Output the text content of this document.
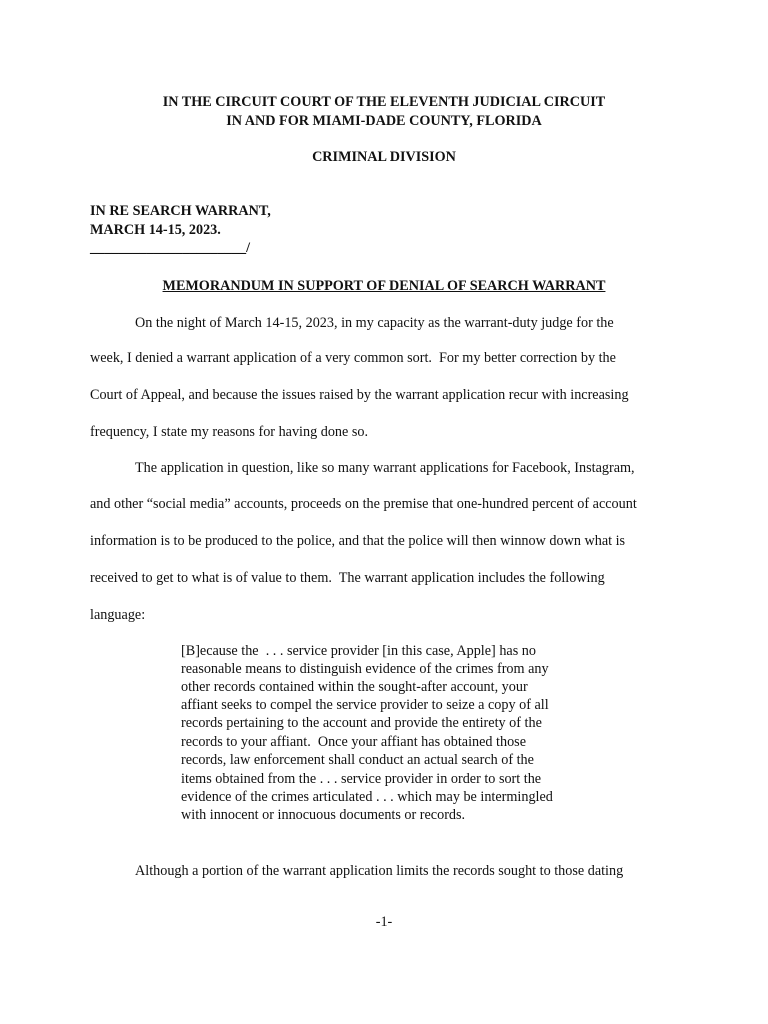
IN THE CIRCUIT COURT OF THE ELEVENTH JUDICIAL CIRCUIT
IN AND FOR MIAMI-DADE COUNTY, FLORIDA
CRIMINAL DIVISION
IN RE SEARCH WARRANT,
MARCH 14-15, 2023.
______________________/
MEMORANDUM IN SUPPORT OF DENIAL OF SEARCH WARRANT
On the night of March 14-15, 2023, in my capacity as the warrant-duty judge for the
week, I denied a warrant application of a very common sort.  For my better correction by the
Court of Appeal, and because the issues raised by the warrant application recur with increasing
frequency, I state my reasons for having done so.
The application in question, like so many warrant applications for Facebook, Instagram,
and other “social media” accounts, proceeds on the premise that one-hundred percent of account
information is to be produced to the police, and that the police will then winnow down what is
received to get to what is of value to them.  The warrant application includes the following
language:
[B]ecause the  . . . service provider [in this case, Apple] has no
reasonable means to distinguish evidence of the crimes from any
other records contained within the sought-after account, your
affiant seeks to compel the service provider to seize a copy of all
records pertaining to the account and provide the entirety of the
records to your affiant.  Once your affiant has obtained those
records, law enforcement shall conduct an actual search of the
items obtained from the . . . service provider in order to sort the
evidence of the crimes articulated . . . which may be intermingled
with innocent or innocuous documents or records.
Although a portion of the warrant application limits the records sought to those dating
-1-
